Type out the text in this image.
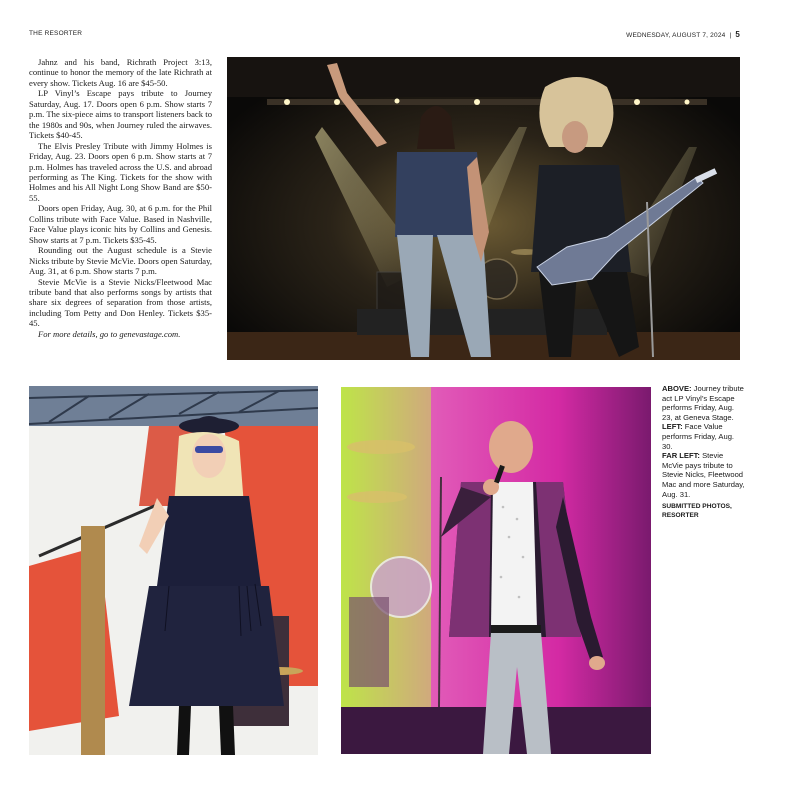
THE RESORTER	WEDNESDAY, AUGUST 7, 2024 | 5

Jahnz and his band, Richrath Project 3:13, continue to honor the memory of the late Richrath at every show. Tickets Aug. 16 are $45-50.

LP Vinyl’s Escape pays tribute to Journey Saturday, Aug. 17. Doors open 6 p.m. Show starts 7 p.m. The six-piece aims to transport listeners back to the 1980s and 90s, when Journey ruled the airwaves. Tickets $40-45.

The Elvis Presley Tribute with Jimmy Holmes is Friday, Aug. 23. Doors open 6 p.m. Show starts at 7 p.m. Holmes has traveled across the U.S. and abroad performing as The King. Tickets for the show with Holmes and his All Night Long Show Band are $50-55.

Doors open Friday, Aug. 30, at 6 p.m. for the Phil Collins tribute with Face Value. Based in Nashville, Face Value plays iconic hits by Collins and Genesis. Show starts at 7 p.m. Tickets $35-45.

Rounding out the August schedule is a Stevie Nicks tribute by Stevie McVie. Doors open Saturday, Aug. 31, at 6 p.m. Show starts 7 p.m.

Stevie McVie is a Stevie Nicks/Fleetwood Mac tribute band that also performs songs by artists that share six degrees of separation from those artists, including Tom Petty and Don Henley. Tickets $35-45.

For more details, go to genevastage.com.

ABOVE: Journey tribute act LP Vinyl’s Escape performs Friday, Aug. 23, at Geneva Stage.

LEFT: Face Value performs Friday, Aug. 30.

FAR LEFT: Stevie McVie pays tribute to Stevie Nicks, Fleetwood Mac and more Saturday, Aug. 31.

SUBMITTED PHOTOS, RESORTER
